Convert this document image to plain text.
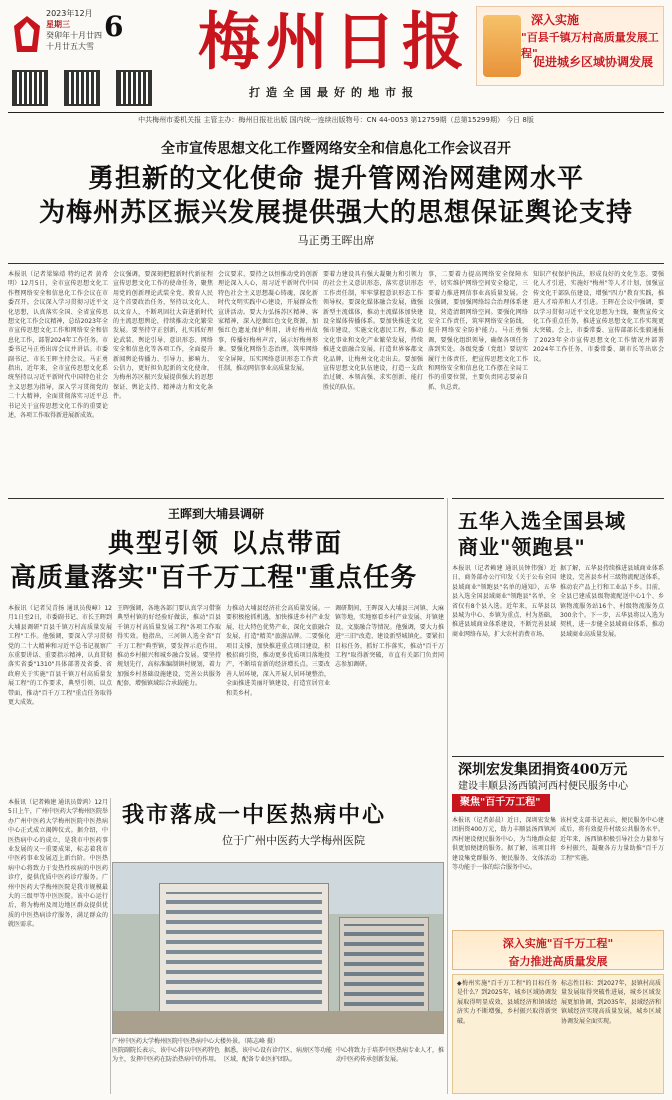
2023年12月
星期三
癸卯年十月廿四
十月廿五大雪
6 梅州日报
打造全国最好的地市报
深入实施
"百县千镇万村高质量发展工程"
促进城乡区域协调发展
中共梅州市委机关报 主管主办：梅州日报社出版 国内统一连续出版物号：CN 44-0053 第12759期（总第15299期） 今日 8版
全市宣传思想文化工作暨网络安全和信息化工作会议召开
勇担新的文化使命 提升管网治网建网水平
为梅州苏区振兴发展提供强大的思想保证舆论支持
马正勇王晖出席
本报讯（记者梁锦靖 特约记者 黄希明）12月5日，全市宣传思想文化工作暨网络安全和信息化工作会议在市委召开。会议深入学习贯彻习近平文化思想，认真落实全国、全省宣传思想文化工作会议精神，总结2023年全市宣传思想文化工作和网络安全和信息化工作，部署2024年工作任务。市委书记马正勇出席会议并讲话。市委副书记、市长王晖主持会议。马正勇指出，近年来，全市宣传思想文化系统坚持以习近平新时代中国特色社会主义思想为指导，深入学习贯彻党的二十大精神，全面贯彻落实习近平总书记关于宣传思想文化工作的重要论述，各项工作取得新进展新成效。
会议强调，要深刻把握新时代新征程宣传思想文化工作的使命任务，聚焦用党的创新理论武装全党、教育人民这个首要政治任务，坚持以文化人、以文育人，不断巩固壮大奋进新时代的主流思想舆论，持续推动文化繁荣发展。要坚持守正创新，扎实抓好理论武装、舆论引导、意识形态、网络安全和信息化等各项工作，全面提升新闻舆论传播力、引导力、影响力、公信力，更好担负起新的文化使命，为梅州苏区振兴发展提供强大的思想保证、舆论支持、精神动力和文化条件。
会议要求，要持之以恒推动党的创新理论深入人心，用习近平新时代中国特色社会主义思想凝心铸魂，深化新时代文明实践中心建设，开展群众性宣讲活动。要大力弘扬苏区精神、客家精神，深入挖掘红色文化资源，加强红色遗址保护利用，讲好梅州故事，传播好梅州声音，展示好梅州形象。要强化网络生态治理，筑牢网络安全屏障，压实网络意识形态工作责任制，推动网信事业高质量发展。
要着力建设具有强大凝聚力和引领力的社会主义意识形态，落实意识形态工作责任制，牢牢掌握意识形态工作领导权。要深化媒体融合发展，做强新型主流媒体，推动主流媒体加快建设全媒体传播体系。要加快推进文化强市建设，实施文化惠民工程，推动文化事业和文化产业繁荣发展，持续推进文旅融合发展，打造世界客都文化品牌，让梅州文化走出去。要加强宣传思想文化队伍建设，打造一支政治过硬、本领高强、求实创新、能打胜仗的队伍。
事，二要着力提高网络安全保障水平，切实维护网络空间安全稳定，三要着力推进网信事业高质量发展。会议强调，要加强网络综合治理体系建设，营造清朗网络空间。要强化网络安全工作责任，筑牢网络安全防线，提升网络安全防护能力。马正勇强调，要强化组织领导，确保各项任务落到实处。各级党委（党组）要切实履行主体责任，把宣传思想文化工作和网络安全和信息化工作摆在全局工作的重要位置，主要负责同志要亲自抓、负总责。
知识产权保护执法，形成良好的文化生态。要强化人才引进，实施好"梅州"等人才计划，加强宣传文化干部队伍建设，增强"四力"教育实践，推进人才培养和人才引进。王晖在会议中强调，要以学习贯彻习近平文化思想为主线，聚焦宣传文化工作重点任务，推进宣传思想文化工作实现更大突破。会上，市委常委、宣传部部长张毅通报了2023年全市宣传思想文化工作情况并部署2024年工作任务，市委常委、副市长等出席会议。
王晖到大埔县调研
典型引领 以点带面
高质量落实"百千万工程"重点任务
本报讯（记者吴青扬 通讯员俊嶂）12月1日至2日，市委副书记、市长王晖到大埔县调研"百县千镇万村高质量发展工程"工作。他强调，要深入学习贯彻党的二十大精神和习近平总书记视察广东重要讲话、重要指示精神，认真贯彻落实省委"1310"具体部署及省委、省政府关于实施"百县千镇万村高质量发展工程"的工作要求，典型引领、以点带面，推动"百千万工程"重点任务取得更大成效。
王晖强调，各地各部门要认真学习借鉴典型村镇的好经验好做法，推动"百县千镇万村高质量发展工程"各项工作取得实效。他指出，三河镇人选全省"百千万工程"典型镇，要发挥示范作用，推动乡村振兴和城乡融合发展。要坚持规划先行，高标准编制镇村规划，着力加强乡村基础设施建设，完善公共服务配套，增强镇域综合承载能力。
力推动大埔县经济社会高质量发展。一要积极抢抓机遇，加快推进乡村产业发展，壮大特色优势产业，深化文旅融合发展，打造"精美"旅游品牌。二要强化项目支撑，加快推进重点项目建设，积极招商引资，推动更多优质项目落地投产，不断培育新的经济增长点。三要改善人居环境，深入开展人居环境整治，全面推进美丽圩镇建设，打造宜居宜业和美乡村。
调研期间，王晖深入大埔县三河镇、大麻镇等地，实地察看乡村产业发展、圩镇建设、文旅融合等情况。他强调，要大力推进"三旧"改造、建设新型城镇化。要紧扣目标任务，抓好工作落实，推动"百千万工程"取得新突破，市直有关部门负责同志参加调研。
五华入选全国县域
商业"领跑县"
本报讯（记者赖建 通讯员钟伟强）近日，商务部办公厅印发《关于公布全国县域商业"领跑县"名单的通知》，五华县入选全国县域商业"领跑县"名单，全省仅有8个县入选。近年来，五华县以县城为中心、乡镇为重点、村为基础，推进县域商业体系建设，不断完善县域商业网络布局，扩大农村消费市场。
据了解，五华县持续推进县域商业体系建设，完善县乡村三级物流配送体系，推动农产品上行和工业品下乡。目前，全县已建成县级物流配送中心1个、乡镇物流服务站16个、村级物流服务点300余个。下一步，五华县将以入选为契机，进一步健全县域商业体系，推动县域商业高质量发展。
深圳宏发集团捐资400万元
建设丰顺县汤西镇河西村便民服务中心
聚焦"百千万工程"
本报讯（记者彭晨）近日，深圳宏发集团捐资400万元，助力丰顺县汤西镇河西村建设便民服务中心，为当地群众提供更加便捷的服务。据了解，该项目将建设集党群服务、便民服务、文体活动等功能于一体的综合服务中心。
该村党支部书记表示，便民服务中心建成后，将有效提升村级公共服务水平。近年来，汤西镇积极引导社会力量参与乡村振兴，凝聚各方力量助推"百千万工程"实施。
本报讯（记者赖建 通讯员曾鸿）12月5日上午，广州中医药大学梅州医院举办广州中医药大学梅州医院中医热病中心正式成立揭牌仪式。据介绍，中医热病中心的成立，是我市中医药事业发展的又一重要成果，标志着我市中医药事业发展迈上新台阶。中医热病中心将致力于发热性疾病的中医药诊疗，提供优质中医药诊疗服务。广州中医药大学梅州医院是我市规模最大的三级甲等中医医院。该中心运行后，将为梅州及周边地区群众提供优质的中医热病诊疗服务，满足群众的就医需求。
我市落成一中医热病中心
位于广州中医药大学梅州医院
广州中医药大学梅州医院中医热病中心大楼外景。（陈志峰 摄）
医院副院长表示，该中心将以中医药特色为主，发挥中医药在防治热病中的作用。
据悉，该中心设有诊疗区、病房区等功能区域，配备专业医护团队。
中心将致力于培养中医热病专业人才，推动中医药传承创新发展。
深入实施"百千万工程"
奋力推进高质量发展
◆梅州实施"百千万工程"的目标任务是什么？到2025年，城乡区域协调发展取得明显成效，县域经济和镇域经济实力不断增强，乡村振兴取得新突破。
标志性目标：到2027年，县镇村高质量发展取得突破性进展，城乡区域发展更加协调，到2035年，县域经济和镇域经济实现高质量发展，城乡区域协调发展全面实现。
